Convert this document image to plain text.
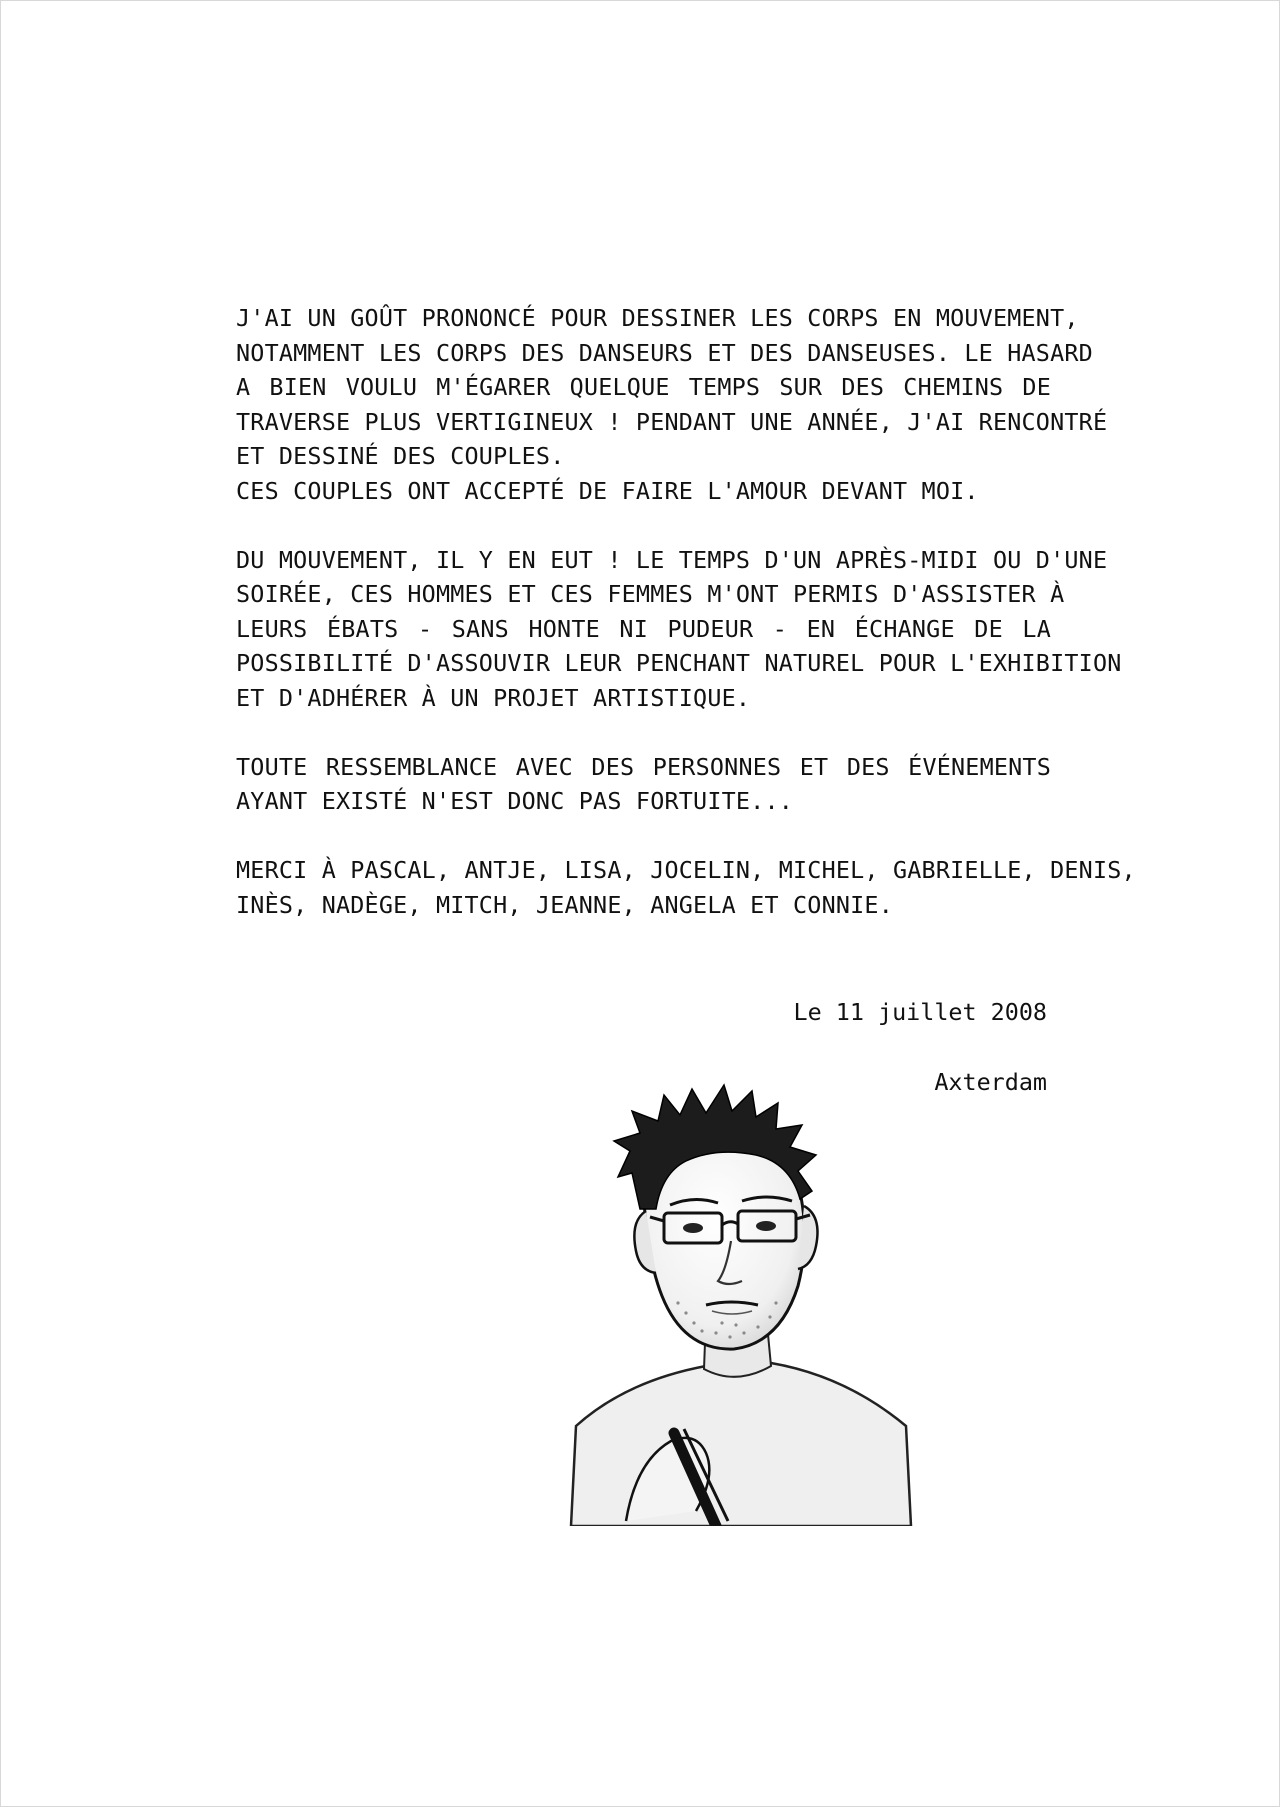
J'AI UN GOÛT PRONONCÉ POUR DESSINER LES CORPS EN MOUVEMENT,
NOTAMMENT LES CORPS DES DANSEURS ET DES DANSEUSES. LE HASARD
A BIEN VOULU M'ÉGARER QUELQUE TEMPS SUR DES CHEMINS DE
TRAVERSE PLUS VERTIGINEUX ! PENDANT UNE ANNÉE, J'AI RENCONTRÉ
ET DESSINÉ DES COUPLES.
CES COUPLES ONT ACCEPTÉ DE FAIRE L'AMOUR DEVANT MOI.

DU MOUVEMENT, IL Y EN EUT ! LE TEMPS D'UN APRÈS-MIDI OU D'UNE
SOIRÉE, CES HOMMES ET CES FEMMES M'ONT PERMIS D'ASSISTER À
LEURS ÉBATS - SANS HONTE NI PUDEUR - EN ÉCHANGE DE LA
POSSIBILITÉ D'ASSOUVIR LEUR PENCHANT NATUREL POUR L'EXHIBITION
ET D'ADHÉRER À UN PROJET ARTISTIQUE.

TOUTE RESSEMBLANCE AVEC DES PERSONNES ET DES ÉVÉNEMENTS
AYANT EXISTÉ N'EST DONC PAS FORTUITE...

MERCI À PASCAL, ANTJE, LISA, JOCELIN, MICHEL, GABRIELLE, DENIS,
INÈS, NADÈGE, MITCH, JEANNE, ANGELA ET CONNIE.

Le 11 juillet 2008
Axterdam
